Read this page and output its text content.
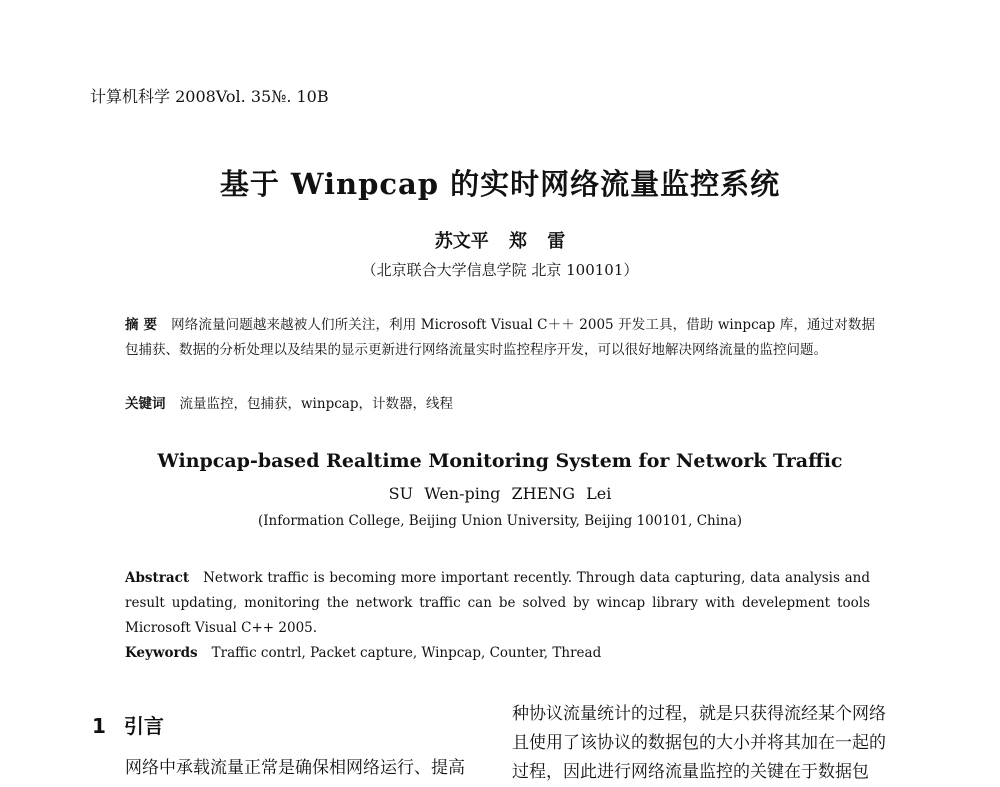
计算机科学 2008Vol. 35№. 10B
基于 Winpcap 的实时网络流量监控系统
苏文平 郑 雷
（北京联合大学信息学院 北京 100101）
摘 要 网络流量问题越来越被人们所关注，利用 Microsoft Visual C＋＋ 2005 开发工具，借助 winpcap 库，通过对数据包捕获、数据的分析处理以及结果的显示更新进行网络流量实时监控程序开发，可以很好地解决网络流量的监控问题。
关键词 流量监控，包捕获，winpcap，计数器，线程
Winpcap-based Realtime Monitoring System for Network Traffic
SU Wen-ping ZHENG Lei
(Information College, Beijing Union University, Beijing 100101, China)
Abstract Network traffic is becoming more important recently. Through data capturing, data analysis and result updating, monitoring the network traffic can be solved by wincap library with develepment tools Microsoft Visual C++ 2005.
Keywords Traffic contrl, Packet capture, Winpcap, Counter, Thread
1 引言
网络中承载流量正常是确保相网络运行、提高
种协议流量统计的过程，就是只获得流经某个网络
且使用了该协议的数据包的大小并将其加在一起的
过程，因此进行网络流量监控的关键在于数据包
